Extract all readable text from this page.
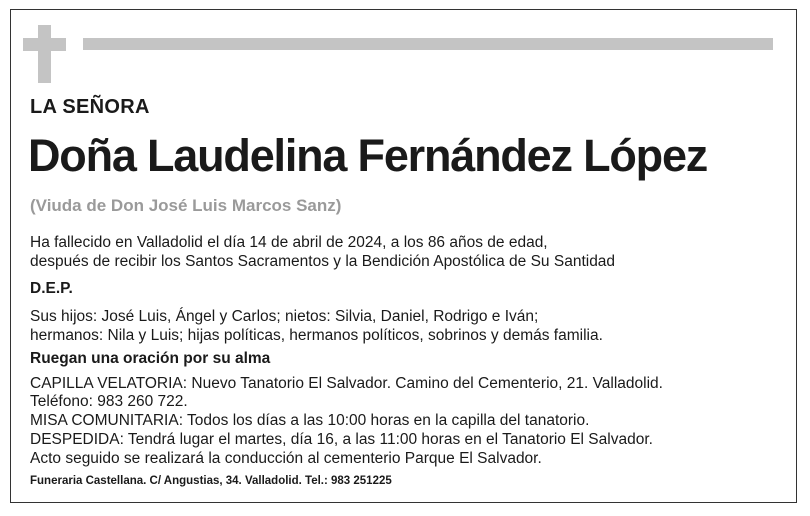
LA SEÑORA
Doña Laudelina Fernández López
(Viuda de Don José Luis Marcos Sanz)
Ha fallecido en Valladolid el día 14 de abril de 2024, a los 86 años de edad,
después de recibir los Santos Sacramentos y la Bendición Apostólica de Su Santidad
D.E.P.
Sus hijos: José Luis, Ángel y Carlos; nietos: Silvia, Daniel, Rodrigo e Iván;
hermanos: Nila y Luis; hijas políticas, hermanos políticos, sobrinos y demás familia.
Ruegan una oración por su alma
CAPILLA VELATORIA: Nuevo Tanatorio El Salvador. Camino del Cementerio, 21. Valladolid.
Teléfono: 983 260 722.
MISA COMUNITARIA: Todos los días a las 10:00 horas en la capilla del tanatorio.
DESPEDIDA: Tendrá lugar el martes, día 16, a las 11:00 horas en el Tanatorio El Salvador.
Acto seguido se realizará la conducción al cementerio Parque El Salvador.
Funeraria Castellana. C/ Angustias, 34. Valladolid. Tel.: 983 251225
